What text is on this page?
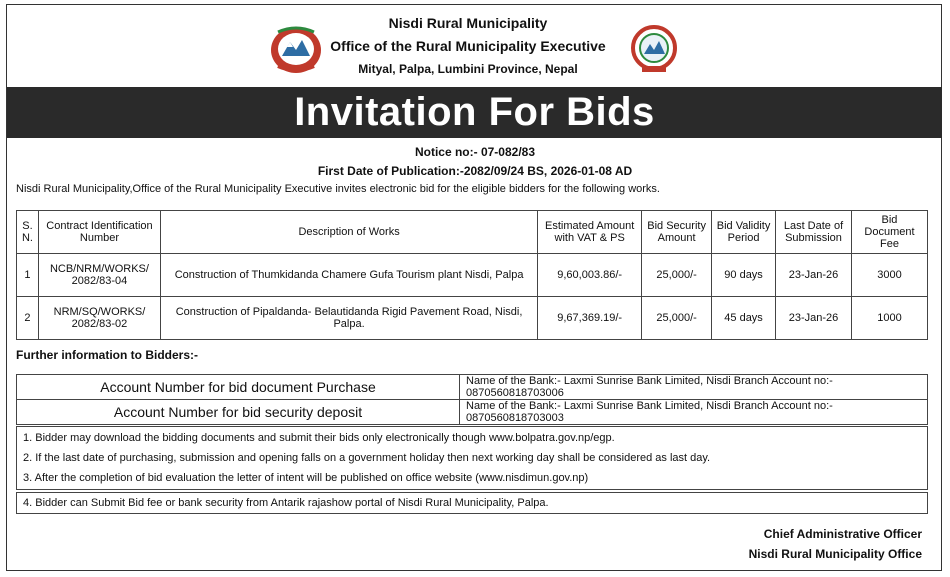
Nisdi Rural Municipality
Office of the Rural Municipality Executive
Mityal, Palpa, Lumbini Province, Nepal
Invitation For Bids
Notice no:- 07-082/83
First Date of Publication:-2082/09/24 BS, 2026-01-08 AD
Nisdi Rural Municipality,Office of the Rural Municipality Executive invites electronic bid for the eligible bidders for the following works.
S. N.	Contract Identification Number	Description of Works	Estimated Amount with VAT & PS	Bid Security Amount	Bid Validity Period	Last Date of Submission	Bid Document Fee
1	NCB/NRM/WORKS/ 2082/83-04	Construction of Thumkidanda Chamere Gufa Tourism plant Nisdi, Palpa	9,60,003.86/-	25,000/-	90 days	23-Jan-26	3000
2	NRM/SQ/WORKS/ 2082/83-02	Construction of Pipaldanda- Belautidanda Rigid Pavement Road, Nisdi, Palpa.	9,67,369.19/-	25,000/-	45 days	23-Jan-26	1000
Further information to Bidders:-
Account Number for bid document Purchase	Name of the Bank:- Laxmi Sunrise Bank Limited, Nisdi Branch Account no:- 0870560818703006
Account Number for bid security deposit	Name of the Bank:- Laxmi Sunrise Bank Limited, Nisdi Branch Account no:- 0870560818703003
1. Bidder may download the bidding documents and submit their bids only electronically though www.bolpatra.gov.np/egp.
2. If the last date of purchasing, submission and opening falls on a government holiday then next working day shall be considered as last day.
3. After the completion of bid evaluation the letter of intent will be published on office website (www.nisdimun.gov.np)
4. Bidder can Submit Bid fee or bank security from Antarik rajashow portal of Nisdi Rural Municipality, Palpa.
Chief Administrative Officer
Nisdi Rural Municipality Office
